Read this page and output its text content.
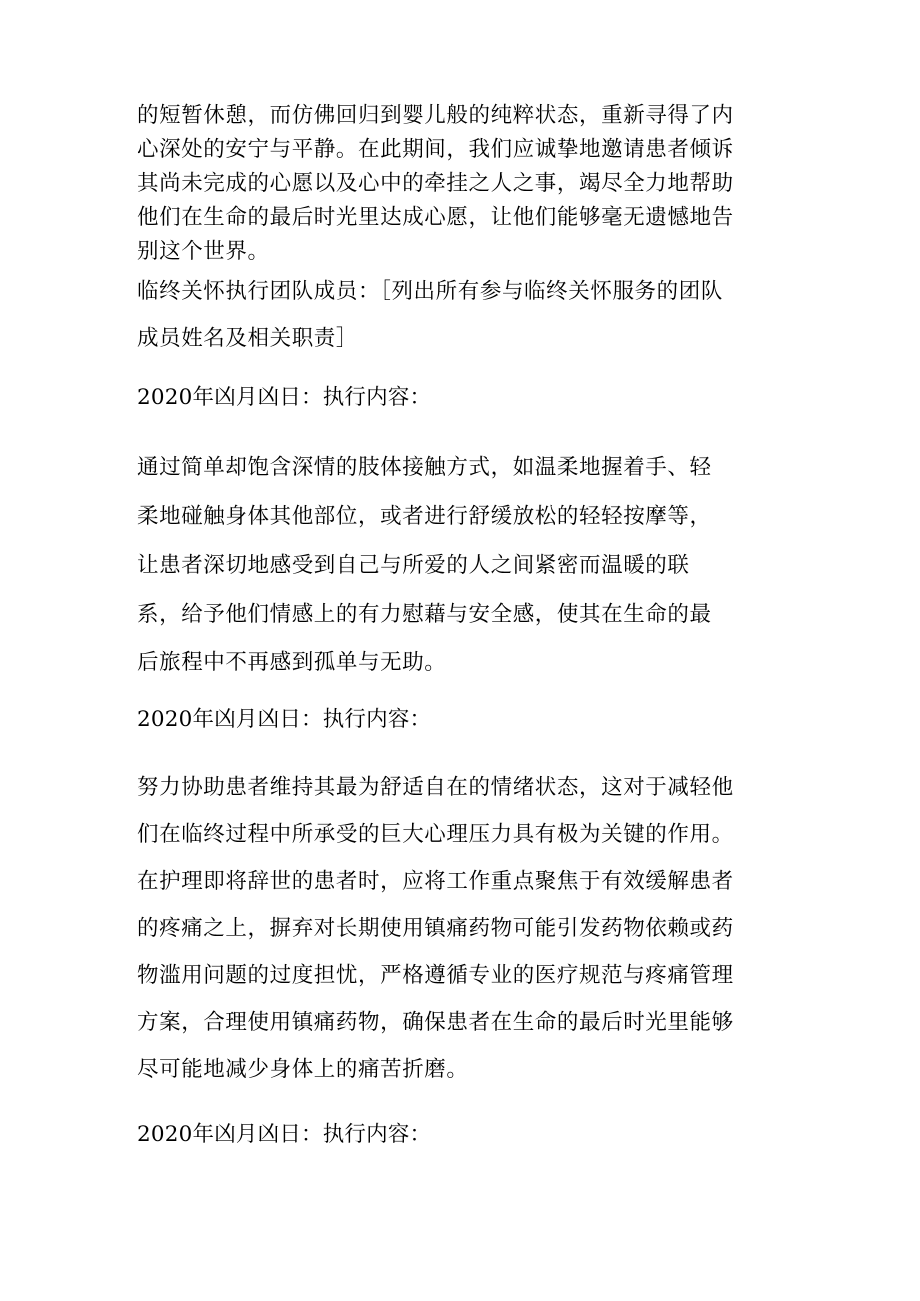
的短暂休憩，而仿佛回归到婴儿般的纯粹状态，重新寻得了内
心深处的安宁与平静。在此期间，我们应诚挚地邀请患者倾诉
其尚未完成的心愿以及心中的牵挂之人之事，竭尽全力地帮助
他们在生命的最后时光里达成心愿，让他们能够毫无遗憾地告
别这个世界。
临终关怀执行团队成员：［列出所有参与临终关怀服务的团队
成员姓名及相关职责］
2020年凶月凶日：执行内容：
通过简单却饱含深情的肢体接触方式，如温柔地握着手、轻
柔地碰触身体其他部位，或者进行舒缓放松的轻轻按摩等，
让患者深切地感受到自己与所爱的人之间紧密而温暖的联
系，给予他们情感上的有力慰藉与安全感，使其在生命的最
后旅程中不再感到孤单与无助。
2020年凶月凶日：执行内容：
努力协助患者维持其最为舒适自在的情绪状态，这对于减轻他
们在临终过程中所承受的巨大心理压力具有极为关键的作用。
在护理即将辞世的患者时，应将工作重点聚焦于有效缓解患者
的疼痛之上，摒弃对长期使用镇痛药物可能引发药物依赖或药
物滥用问题的过度担忧，严格遵循专业的医疗规范与疼痛管理
方案，合理使用镇痛药物，确保患者在生命的最后时光里能够
尽可能地减少身体上的痛苦折磨。
2020年凶月凶日：执行内容：
